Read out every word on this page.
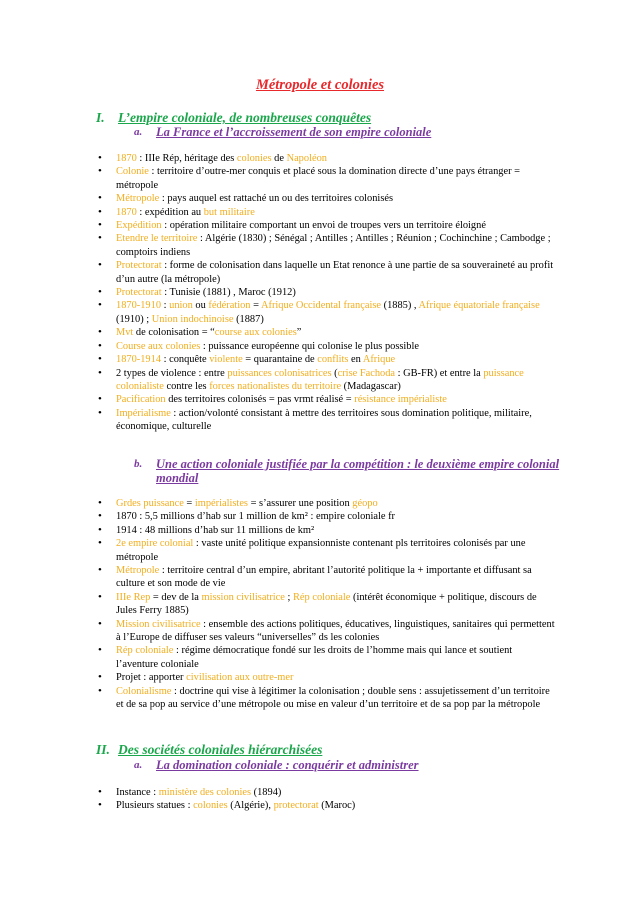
Métropole et colonies
I. L’empire coloniale, de nombreuses conquêtes
a. La France et l’accroissement de son empire coloniale
• 1870 : IIIe Rép, héritage des colonies de Napoléon
• Colonie : territoire d’outre-mer conquis et placé sous la domination directe d’une pays étranger = métropole
• Métropole : pays auquel est rattaché un ou des territoires colonisés
• 1870 : expédition au but militaire
• Expédition : opération militaire comportant un envoi de troupes vers un territoire éloigné
• Etendre le territoire : Algérie (1830) ; Sénégal ; Antilles ; Antilles ; Réunion ; Cochinchine ; Cambodge ; comptoirs indiens
• Protectorat : forme de colonisation dans laquelle un Etat renonce à une partie de sa souveraineté au profit d’un autre (la métropole)
• Protectorat : Tunisie (1881) , Maroc (1912)
• 1870-1910 : union ou fédération = Afrique Occidental française (1885) , Afrique équatoriale française (1910) ; Union indochinoise (1887)
• Mvt de colonisation = “course aux colonies”
• Course aux colonies : puissance européenne qui colonise le plus possible
• 1870-1914 : conquête violente = quarantaine de conflits en Afrique
• 2 types de violence : entre puissances colonisatrices (crise Fachoda : GB-FR) et entre la puissance colonialiste contre les forces nationalistes du territoire (Madagascar)
• Pacification des territoires colonisés = pas vrmt réalisé = résistance impérialiste
• Impérialisme : action/volonté consistant à mettre des territoires sous domination politique, militaire, économique, culturelle
b. Une action coloniale justifiée par la compétition : le deuxième empire colonial mondial
• Grdes puissance = impérialistes = s’assurer une position géopo
• 1870 : 5,5 millions d’hab sur 1 million de km² : empire coloniale fr
• 1914 : 48 millions d’hab sur 11 millions de km²
• 2e empire colonial : vaste unité politique expansionniste contenant pls territoires colonisés par une métropole
• Métropole : territoire central d’un empire, abritant l’autorité politique la + importante et diffusant sa culture et son mode de vie
• IIIe Rep = dev de la mission civilisatrice ; Rép coloniale (intérêt économique + politique, discours de Jules Ferry 1885)
• Mission civilisatrice : ensemble des actions politiques, éducatives, linguistiques, sanitaires qui permettent à l’Europe de diffuser ses valeurs “universelles” ds les colonies
• Rép coloniale : régime démocratique fondé sur les droits de l’homme mais qui lance et soutient l’aventure coloniale
• Projet : apporter civilisation aux outre-mer
• Colonialisme : doctrine qui vise à légitimer la colonisation ; double sens : assujetissement d’un territoire et de sa pop au service d’une métropole ou mise en valeur d’un territoire et de sa pop par la métropole
II. Des sociétés coloniales hiérarchisées
a. La domination coloniale : conquérir et administrer
• Instance : ministère des colonies (1894)
• Plusieurs statues : colonies (Algérie), protectorat (Maroc)
